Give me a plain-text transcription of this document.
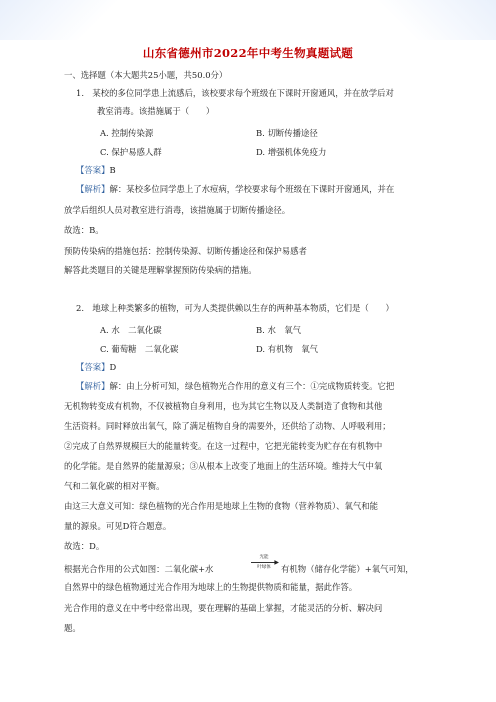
山东省德州市2022年中考生物真题试题
一、选择题（本大题共25小题，共50.0分）
1.　某校的多位同学患上流感后，该校要求每个班级在下课时开窗通风，并在放学后对
教室消毒。该措施属于（　　）
A. 控制传染源	B. 切断传播途径
C. 保护易感人群	D. 增强机体免疫力
【答案】B
【解析】解：某校多位同学患上了水痘病，学校要求每个班级在下课时开窗通风，并在
放学后组织人员对教室进行消毒，该措施属于切断传播途径。
故选：B。
预防传染病的措施包括：控制传染源、切断传播途径和保护易感者
解答此类题目的关键是理解掌握预防传染病的措施。
2.　地球上种类繁多的植物，可为人类提供赖以生存的两种基本物质，它们是（　　）
A. 水　二氧化碳	B. 水　氧气
C. 葡萄糖　二氧化碳	D. 有机物　氧气
【答案】D
【解析】解：由上分析可知，绿色植物光合作用的意义有三个：①完成物质转变。它把
无机物转变成有机物，不仅被植物自身利用，也为其它生物以及人类制造了食物和其他
生活资料。同时释放出氧气，除了满足植物自身的需要外，还供给了动物、人呼吸利用；
②完成了自然界规模巨大的能量转变。在这一过程中，它把光能转变为贮存在有机物中
的化学能。是自然界的能量源泉；③从根本上改变了地面上的生活环境。维持大气中氧
气和二氧化碳的相对平衡。
由这三大意义可知：绿色植物的光合作用是地球上生物的食物（营养物质）、氧气和能
量的源泉。可见D符合题意。
故选：D。
根据光合作用的公式如图：二氧化碳+水
光能
▶
叶绿体	有机物（储存化学能）+氧气可知，
自然界中的绿色植物通过光合作用为地球上的生物提供物质和能量，据此作答。
光合作用的意义在中考中经常出现，要在理解的基础上掌握，才能灵活的分析、解决问
题。
